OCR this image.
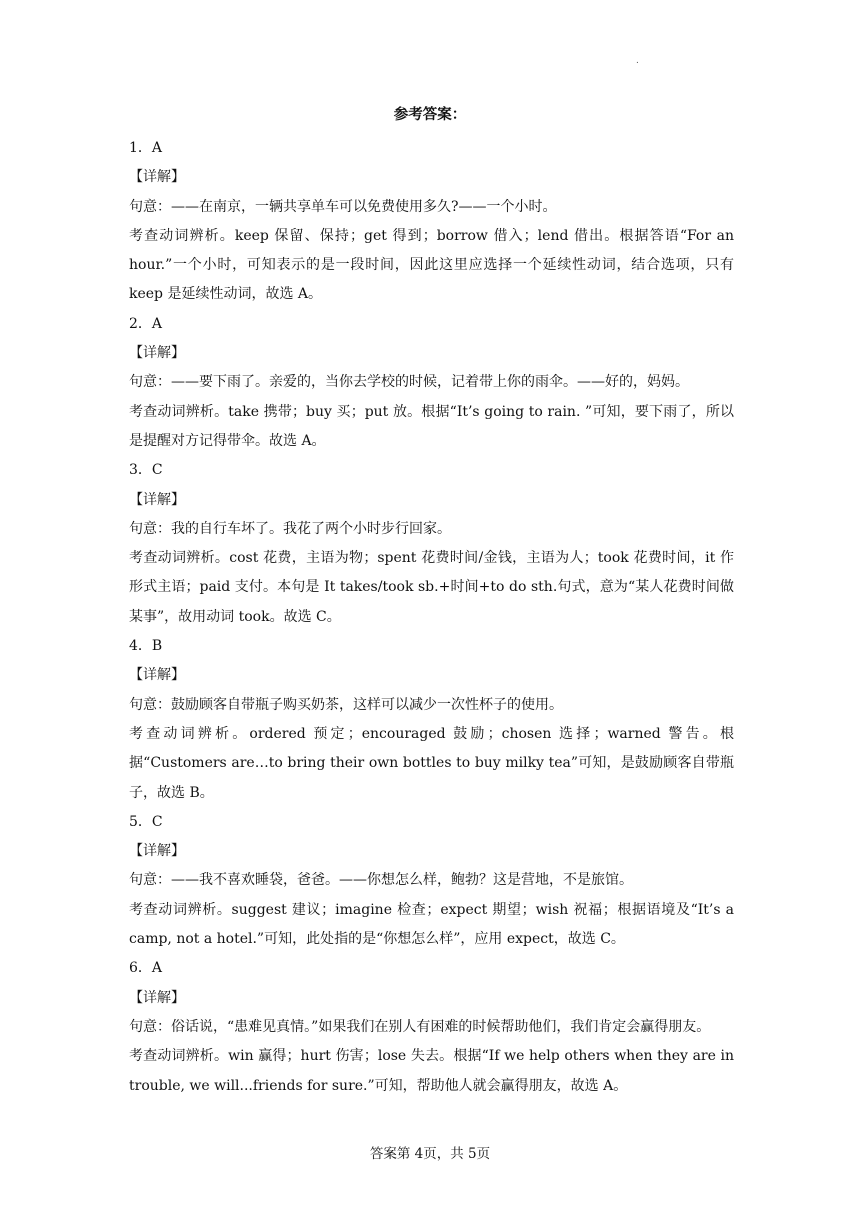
.
参考答案：

1．A

【详解】

句意：——在南京，一辆共享单车可以免费使用多久?——一个小时。

考查动词辨析。keep 保留、保持；get 得到；borrow 借入；lend 借出。根据答语“For an hour.”一个小时，可知表示的是一段时间，因此这里应选择一个延续性动词，结合选项，只有 keep 是延续性动词，故选 A。

2．A

【详解】

句意：——要下雨了。亲爱的，当你去学校的时候，记着带上你的雨伞。——好的，妈妈。

考查动词辨析。take 携带；buy 买；put 放。根据“It’s going to rain. ”可知，要下雨了，所以是提醒对方记得带伞。故选 A。

3．C

【详解】

句意：我的自行车坏了。我花了两个小时步行回家。

考查动词辨析。cost 花费，主语为物；spent 花费时间/金钱，主语为人；took 花费时间，it 作形式主语；paid 支付。本句是 It takes/took sb.+时间+to do sth.句式，意为“某人花费时间做某事”，故用动词 took。故选 C。

4．B

【详解】

句意：鼓励顾客自带瓶子购买奶茶，这样可以减少一次性杯子的使用。

考查动词辨析。ordered 预定；encouraged 鼓励；chosen 选择；warned 警告。根据“Customers are…to bring their own bottles to buy milky tea”可知，是鼓励顾客自带瓶子，故选 B。

5．C

【详解】

句意：——我不喜欢睡袋，爸爸。——你想怎么样，鲍勃？这是营地，不是旅馆。

考查动词辨析。suggest 建议；imagine 检查；expect 期望；wish 祝福；根据语境及“It’s a camp, not a hotel.”可知，此处指的是“你想怎么样”，应用 expect，故选 C。

6．A

【详解】

句意：俗话说，“患难见真情。”如果我们在别人有困难的时候帮助他们，我们肯定会赢得朋友。

考查动词辨析。win 赢得；hurt 伤害；lose 失去。根据“If we help others when they are in trouble, we will...friends for sure.”可知，帮助他人就会赢得朋友，故选 A。

答案第 4页，共 5页
